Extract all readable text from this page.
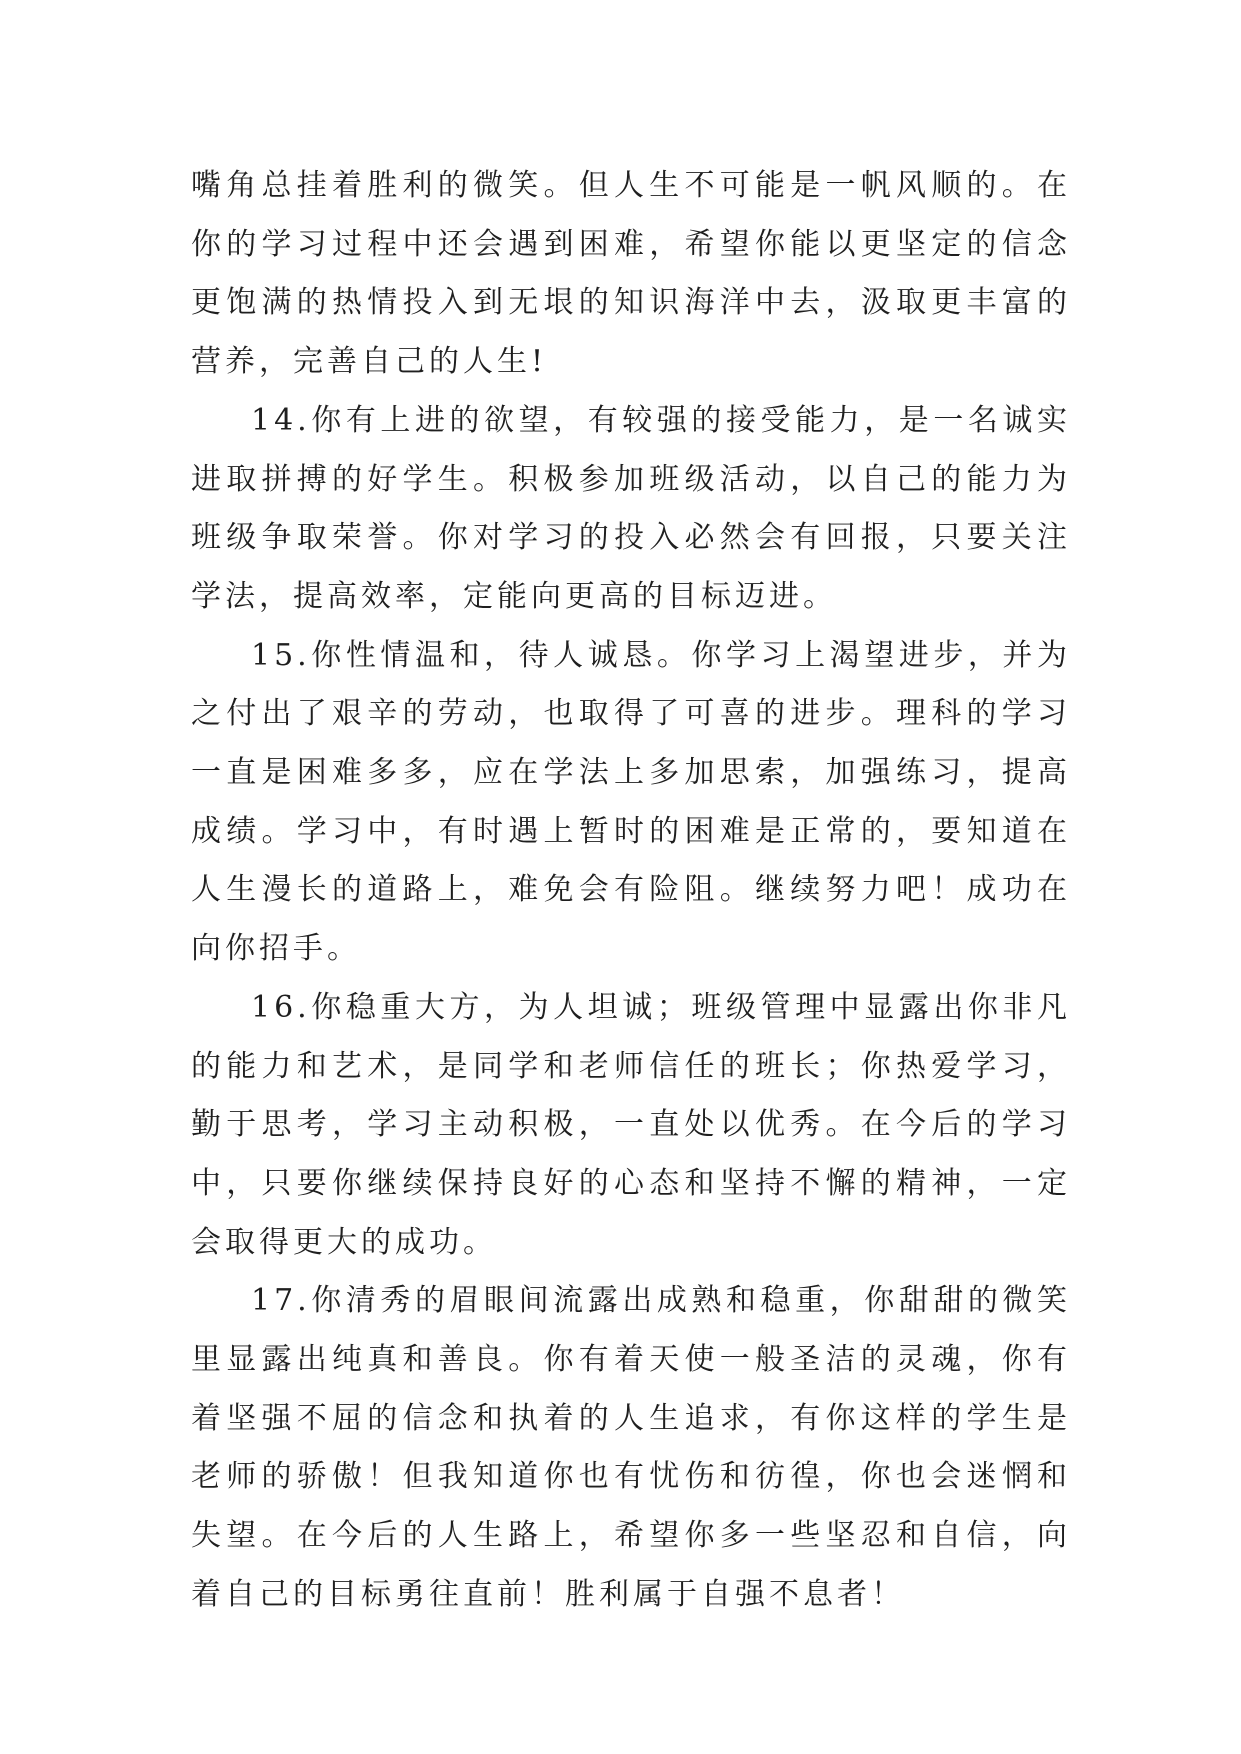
嘴角总挂着胜利的微笑。但人生不可能是一帆风顺的。在你的学习过程中还会遇到困难，希望你能以更坚定的信念更饱满的热情投入到无垠的知识海洋中去，汲取更丰富的营养，完善自己的人生!

14.你有上进的欲望，有较强的接受能力，是一名诚实进取拼搏的好学生。积极参加班级活动，以自己的能力为班级争取荣誉。你对学习的投入必然会有回报，只要关注学法，提高效率，定能向更高的目标迈进。

15.你性情温和，待人诚恳。你学习上渴望进步，并为之付出了艰辛的劳动，也取得了可喜的进步。理科的学习一直是困难多多，应在学法上多加思索，加强练习，提高成绩。学习中，有时遇上暂时的困难是正常的，要知道在人生漫长的道路上，难免会有险阻。继续努力吧！成功在向你招手。

16.你稳重大方，为人坦诚；班级管理中显露出你非凡的能力和艺术，是同学和老师信任的班长；你热爱学习，勤于思考，学习主动积极，一直处以优秀。在今后的学习中，只要你继续保持良好的心态和坚持不懈的精神，一定会取得更大的成功。

17.你清秀的眉眼间流露出成熟和稳重，你甜甜的微笑里显露出纯真和善良。你有着天使一般圣洁的灵魂，你有着坚强不屈的信念和执着的人生追求，有你这样的学生是老师的骄傲！但我知道你也有忧伤和彷徨，你也会迷惘和失望。在今后的人生路上，希望你多一些坚忍和自信，向着自己的目标勇往直前！胜利属于自强不息者！
